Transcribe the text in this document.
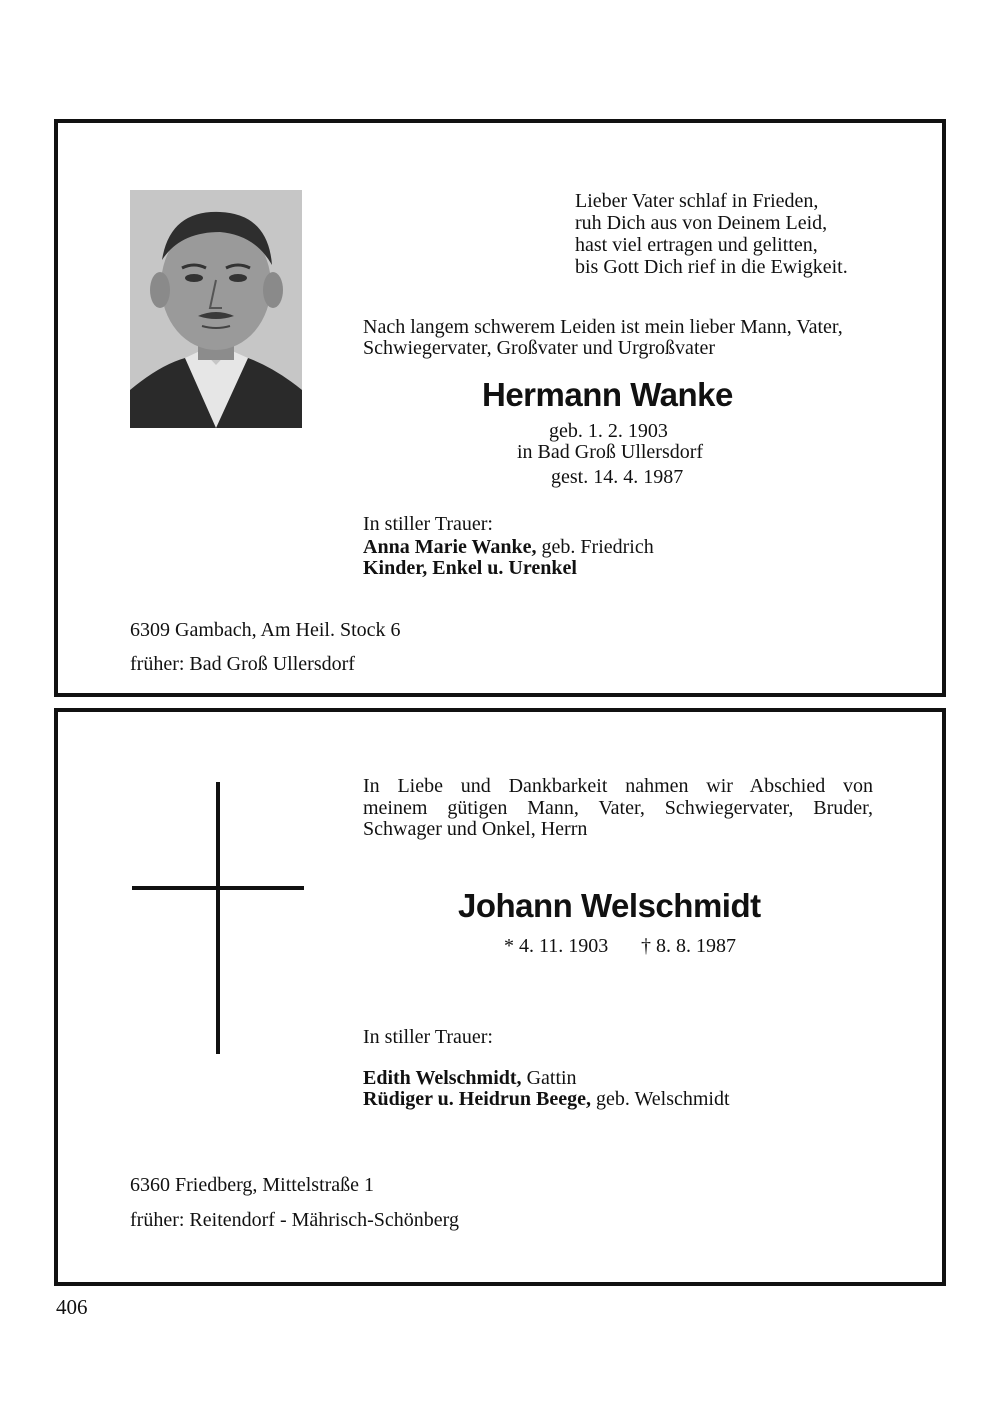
Lieber Vater schlaf in Frieden,
ruh Dich aus von Deinem Leid,
hast viel ertragen und gelitten,
bis Gott Dich rief in die Ewigkeit.
Nach langem schwerem Leiden ist mein lieber Mann, Vater,
Schwiegervater, Großvater und Urgroßvater
Hermann Wanke
geb. 1. 2. 1903
in Bad Groß Ullersdorf
gest. 14. 4. 1987
In stiller Trauer:
Anna Marie Wanke, geb. Friedrich
Kinder, Enkel u. Urenkel
6309 Gambach, Am Heil. Stock 6
früher: Bad Groß Ullersdorf
In Liebe und Dankbarkeit nahmen wir Abschied von
meinem gütigen Mann, Vater, Schwiegervater, Bruder,
Schwager und Onkel, Herrn
Johann Welschmidt
* 4. 11. 1903 † 8. 8. 1987
In stiller Trauer:
Edith Welschmidt, Gattin
Rüdiger u. Heidrun Beege, geb. Welschmidt
6360 Friedberg, Mittelstraße 1
früher: Reitendorf - Mährisch-Schönberg
406
